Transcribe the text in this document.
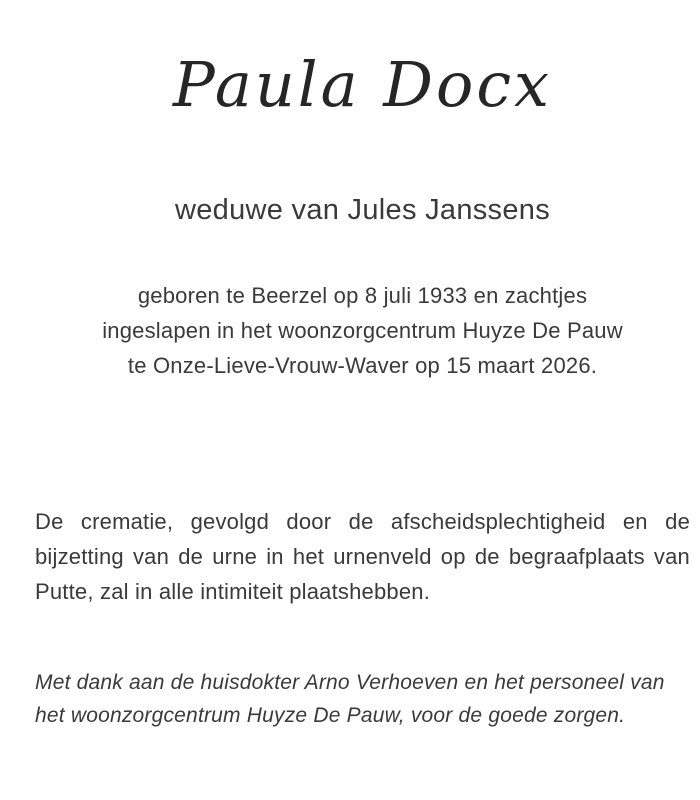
Paula Docx
weduwe van Jules Janssens
geboren te Beerzel op 8 juli 1933 en zachtjes
ingeslapen in het woonzorgcentrum Huyze De Pauw
te Onze-Lieve-Vrouw-Waver op 15 maart 2026.
De crematie, gevolgd door de afscheidsplechtigheid en de
bijzetting van de urne in het urnenveld op de begraafplaats van
Putte, zal in alle intimiteit plaatshebben.
Met dank aan de huisdokter Arno Verhoeven en het personeel van
het woonzorgcentrum Huyze De Pauw, voor de goede zorgen.
